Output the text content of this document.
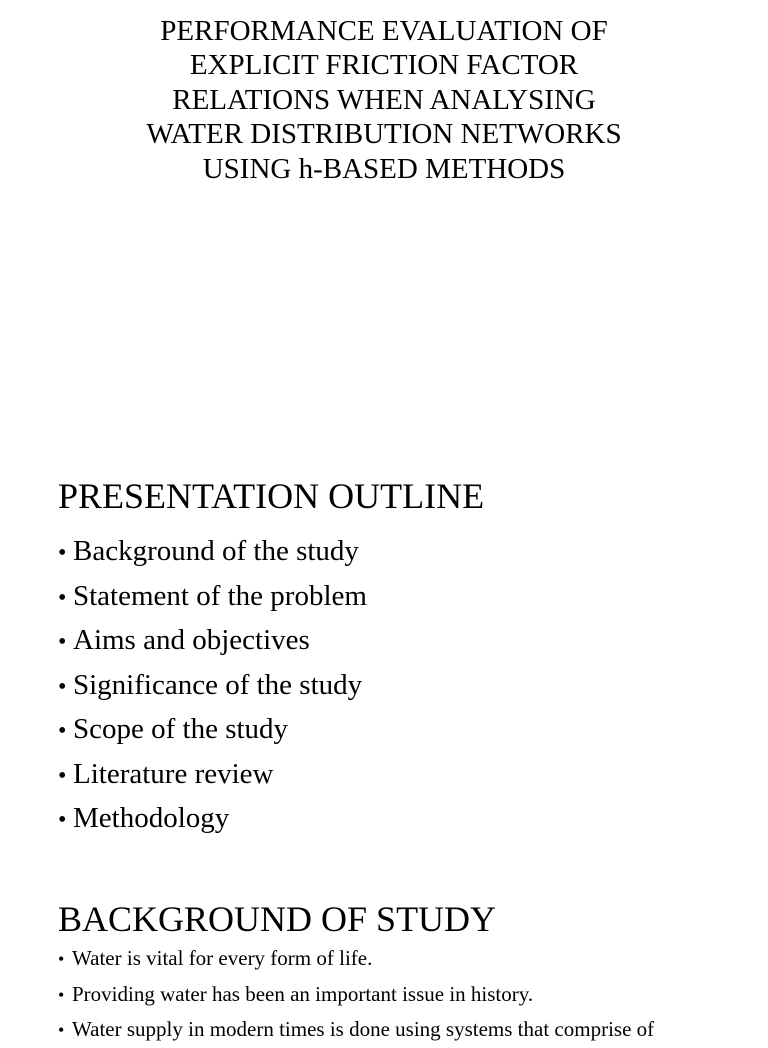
PERFORMANCE EVALUATION OF
EXPLICIT FRICTION FACTOR
RELATIONS WHEN ANALYSING
WATER DISTRIBUTION NETWORKS
USING h-BASED METHODS
PRESENTATION OUTLINE
• Background of the study
• Statement of the problem
• Aims and objectives
• Significance of the study
• Scope of the study
• Literature review
• Methodology
BACKGROUND OF STUDY
• Water is vital for every form of life.
• Providing water has been an important issue in history.
• Water supply in modern times is done using systems that comprise of
